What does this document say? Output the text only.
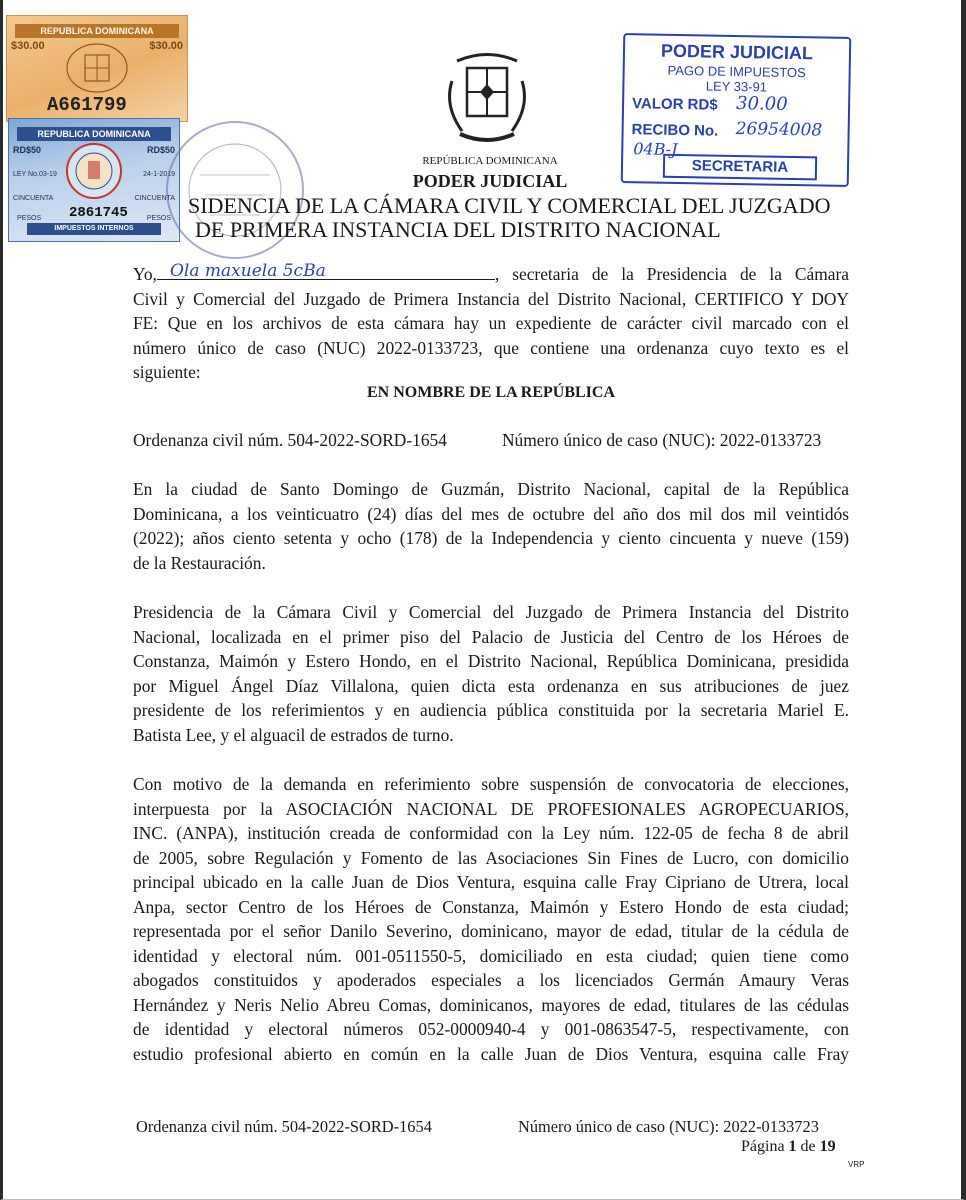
REPUBLICA DOMINICANA
$30.00	$30.00
A661799
REPUBLICA DOMINICANA
RD$50	RD$50
LEY No.03-19	24-1-2019
CINCUENTA	CINCUENTA
PESOS	PESOS
2861745
IMPUESTOS INTERNOS
PODER JUDICIAL
PAGO DE IMPUESTOS
LEY 33-91
VALOR RD$ 30.00
RECIBO No. 26954008
04B-J
SECRETARIA
REPÚBLICA DOMINICANA
PODER JUDICIAL
SIDENCIA DE LA CÁMARA CIVIL Y COMERCIAL DEL JUZGADO
DE PRIMERA INSTANCIA DEL DISTRITO NACIONAL
Yo,	, secretaria de la Presidencia de la Cámara
Civil y Comercial del Juzgado de Primera Instancia del Distrito Nacional, CERTIFICO Y DOY
FE: Que en los archivos de esta cámara hay un expediente de carácter civil marcado con el
número único de caso (NUC) 2022-0133723, que contiene una ordenanza cuyo texto es el
siguiente:
Ola maxuela 5cBa
EN NOMBRE DE LA REPÚBLICA
Ordenanza civil núm. 504-2022-SORD-1654	Número único de caso (NUC): 2022-0133723
En la ciudad de Santo Domingo de Guzmán, Distrito Nacional, capital de la República
Dominicana, a los veinticuatro (24) días del mes de octubre del año dos mil dos mil veintidós
(2022); años ciento setenta y ocho (178) de la Independencia y ciento cincuenta y nueve (159)
de la Restauración.
Presidencia de la Cámara Civil y Comercial del Juzgado de Primera Instancia del Distrito
Nacional, localizada en el primer piso del Palacio de Justicia del Centro de los Héroes de
Constanza, Maimón y Estero Hondo, en el Distrito Nacional, República Dominicana, presidida
por Miguel Ángel Díaz Villalona, quien dicta esta ordenanza en sus atribuciones de juez
presidente de los referimientos y en audiencia pública constituida por la secretaria Mariel E.
Batista Lee, y el alguacil de estrados de turno.
Con motivo de la demanda en referimiento sobre suspensión de convocatoria de elecciones,
interpuesta por la ASOCIACIÓN NACIONAL DE PROFESIONALES AGROPECUARIOS,
INC. (ANPA), institución creada de conformidad con la Ley núm. 122-05 de fecha 8 de abril
de 2005, sobre Regulación y Fomento de las Asociaciones Sin Fines de Lucro, con domicilio
principal ubicado en la calle Juan de Dios Ventura, esquina calle Fray Cipriano de Utrera, local
Anpa, sector Centro de los Héroes de Constanza, Maimón y Estero Hondo de esta ciudad;
representada por el señor Danilo Severino, dominicano, mayor de edad, titular de la cédula de
identidad y electoral núm. 001-0511550-5, domiciliado en esta ciudad; quien tiene como
abogados constituidos y apoderados especiales a los licenciados Germán Amaury Veras
Hernández y Neris Nelio Abreu Comas, dominicanos, mayores de edad, titulares de las cédulas
de identidad y electoral números 052-0000940-4 y 001-0863547-5, respectivamente, con
estudio profesional abierto en común en la calle Juan de Dios Ventura, esquina calle Fray
Ordenanza civil núm. 504-2022-SORD-1654	Número único de caso (NUC): 2022-0133723
Página 1 de 19
VRP
